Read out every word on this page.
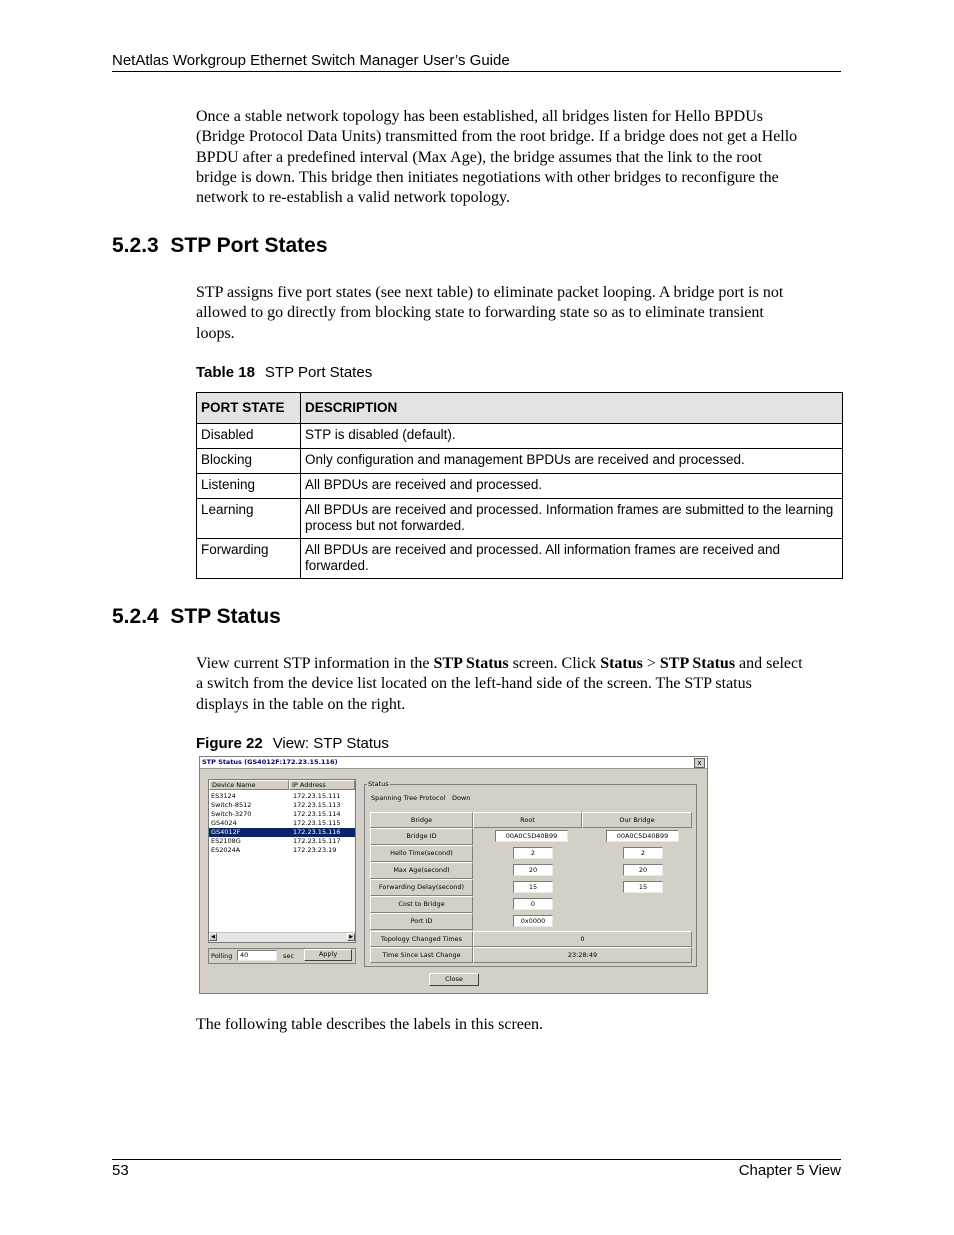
NetAtlas Workgroup Ethernet Switch Manager User’s Guide
Once a stable network topology has been established, all bridges listen for Hello BPDUs
(Bridge Protocol Data Units) transmitted from the root bridge. If a bridge does not get a Hello
BPDU after a predefined interval (Max Age), the bridge assumes that the link to the root
bridge is down. This bridge then initiates negotiations with other bridges to reconfigure the
network to re-establish a valid network topology.
5.2.3  STP Port States
STP assigns five port states (see next table) to eliminate packet looping. A bridge port is not
allowed to go directly from blocking state to forwarding state so as to eliminate transient
loops.
Table 18 STP Port States
PORT STATE	DESCRIPTION
Disabled	STP is disabled (default).
Blocking	Only configuration and management BPDUs are received and processed.
Listening	All BPDUs are received and processed.
Learning	All BPDUs are received and processed. Information frames are submitted to the learning process but not forwarded.
Forwarding	All BPDUs are received and processed. All information frames are received and forwarded.
5.2.4  STP Status
View current STP information in the STP Status screen. Click Status > STP Status and select
a switch from the device list located on the left-hand side of the screen. The STP status
displays in the table on the right.
Figure 22 View: STP Status
STP Status (GS4012F:172.23.15.116)	x
Device Name	IP Address
ES3124	172.23.15.111
Switch-8512	172.23.15.113
Switch-3270	172.23.15.114
GS4024	172.23.15.115
GS4012F	172.23.15.116
ES2108G	172.23.15.117
ES2024A	172.23.23.19
◀	▶
Polling	40	sec	Apply
Status
Spanning Tree Protocol Down
Bridge	Root	Our Bridge
Bridge ID	00A0C5D40B99	00A0C5D40B99
Hello Time(second)	2	2
Max Age(second)	20	20
Forwarding Delay(second)	15	15
Cost to Bridge	0
Port ID	0x0000
Topology Changed Times	0
Time Since Last Change	23:28:49
Close
The following table describes the labels in this screen.
53	Chapter 5 View
